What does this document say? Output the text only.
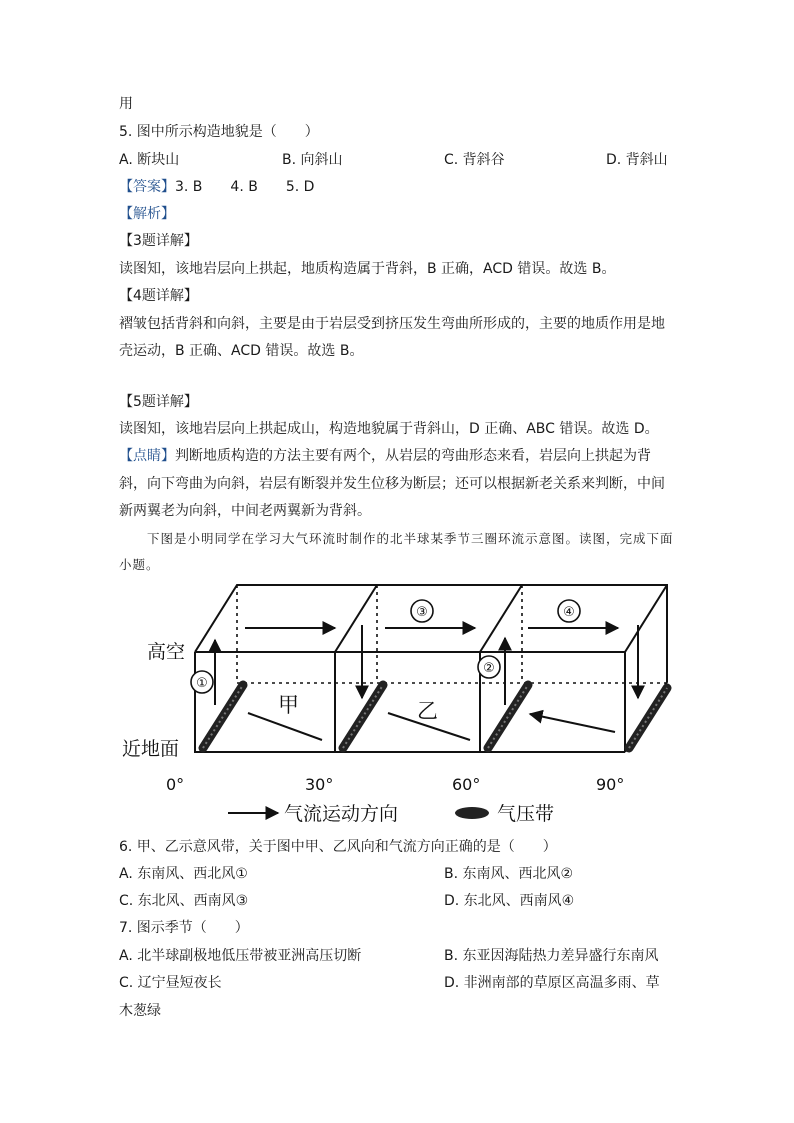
用
5. 图中所示构造地貌是（　　）
A. 断块山	B. 向斜山	C. 背斜谷	D. 背斜山
【答案】3. B　　4. B　　5. D
【解析】
【3题详解】
读图知，该地岩层向上拱起，地质构造属于背斜，B 正确，ACD 错误。故选 B。
【4题详解】
褶皱包括背斜和向斜，主要是由于岩层受到挤压发生弯曲所形成的，主要的地质作用是地
壳运动，B 正确、ACD 错误。故选 B。
【5题详解】
读图知，该地岩层向上拱起成山，构造地貌属于背斜山，D 正确、ABC 错误。故选 D。
【点睛】判断地质构造的方法主要有两个，从岩层的弯曲形态来看，岩层向上拱起为背
斜，向下弯曲为向斜，岩层有断裂并发生位移为断层；还可以根据新老关系来判断，中间
新两翼老为向斜，中间老两翼新为背斜。
下图是小明同学在学习大气环流时制作的北半球某季节三圈环流示意图。读图，完成下面小题。
①
②
③	④
高空
近地面
甲	乙
0°	30°	60°	90°
气流运动方向	气压带
6. 甲、乙示意风带，关于图中甲、乙风向和气流方向正确的是（　　）
A. 东南风、西北风①	B. 东南风、西北风②
C. 东北风、西南风③	D. 东北风、西南风④
7. 图示季节（　　）
A. 北半球副极地低压带被亚洲高压切断	B. 东亚因海陆热力差异盛行东南风
C. 辽宁昼短夜长	D. 非洲南部的草原区高温多雨、草
木葱绿
